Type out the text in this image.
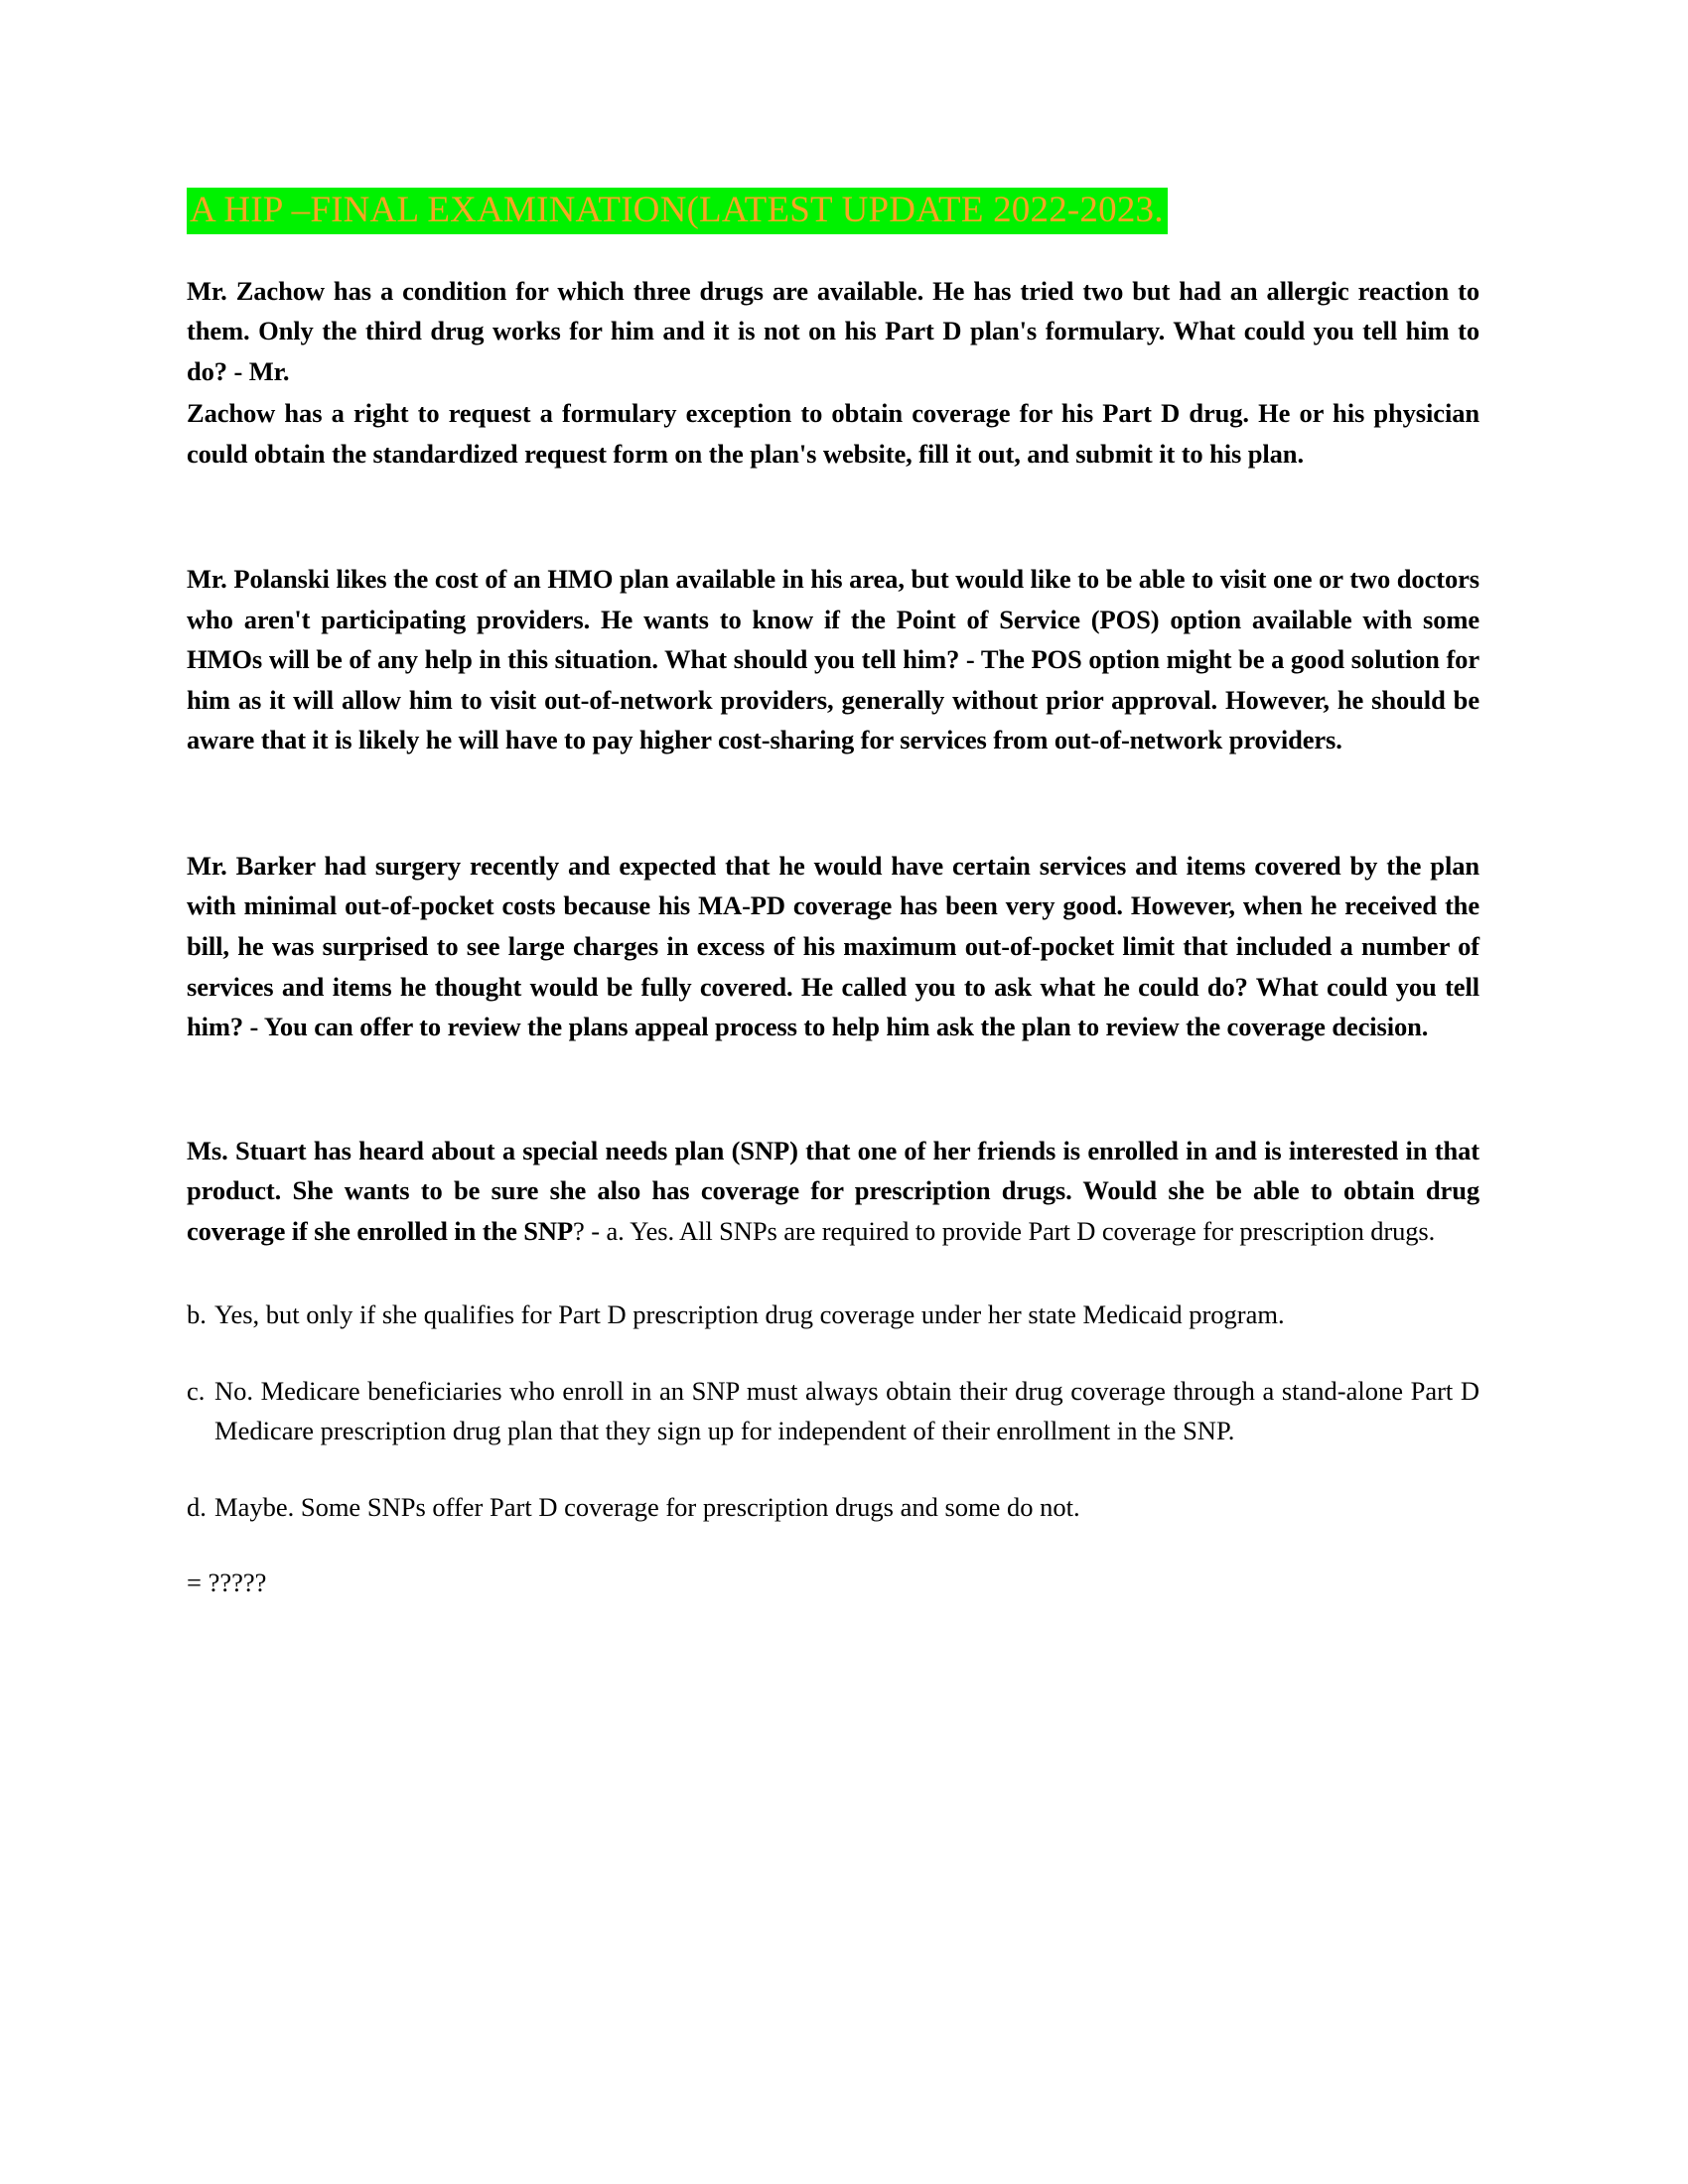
A HIP –FINAL EXAMINATION(LATEST UPDATE 2022-2023.

Mr. Zachow has a condition for which three drugs are available. He has tried two but had an allergic reaction to them. Only the third drug works for him and it is not on his Part D plan's formulary. What could you tell him to do? - Mr.

Zachow has a right to request a formulary exception to obtain coverage for his Part D drug. He or his physician could obtain the standardized request form on the plan's website, fill it out, and submit it to his plan.

Mr. Polanski likes the cost of an HMO plan available in his area, but would like to be able to visit one or two doctors who aren't participating providers. He wants to know if the Point of Service (POS) option available with some HMOs will be of any help in this situation. What should you tell him? - The POS option might be a good solution for him as it will allow him to visit out-of-network providers, generally without prior approval. However, he should be aware that it is likely he will have to pay higher cost-sharing for services from out-of-network providers.

Mr. Barker had surgery recently and expected that he would have certain services and items covered by the plan with minimal out-of-pocket costs because his MA-PD coverage has been very good. However, when he received the bill, he was surprised to see large charges in excess of his maximum out-of-pocket limit that included a number of services and items he thought would be fully covered. He called you to ask what he could do? What could you tell him? - You can offer to review the plans appeal process to help him ask the plan to review the coverage decision.

Ms. Stuart has heard about a special needs plan (SNP) that one of her friends is enrolled in and is interested in that product. She wants to be sure she also has coverage for prescription drugs. Would she be able to obtain drug coverage if she enrolled in the SNP? - a. Yes. All SNPs are required to provide Part D coverage for prescription drugs.

b. Yes, but only if she qualifies for Part D prescription drug coverage under her state Medicaid program.
c. No. Medicare beneficiaries who enroll in an SNP must always obtain their drug coverage through a stand-alone Part D Medicare prescription drug plan that they sign up for independent of their enrollment in the SNP.
d. Maybe. Some SNPs offer Part D coverage for prescription drugs and some do not.

= ?????
